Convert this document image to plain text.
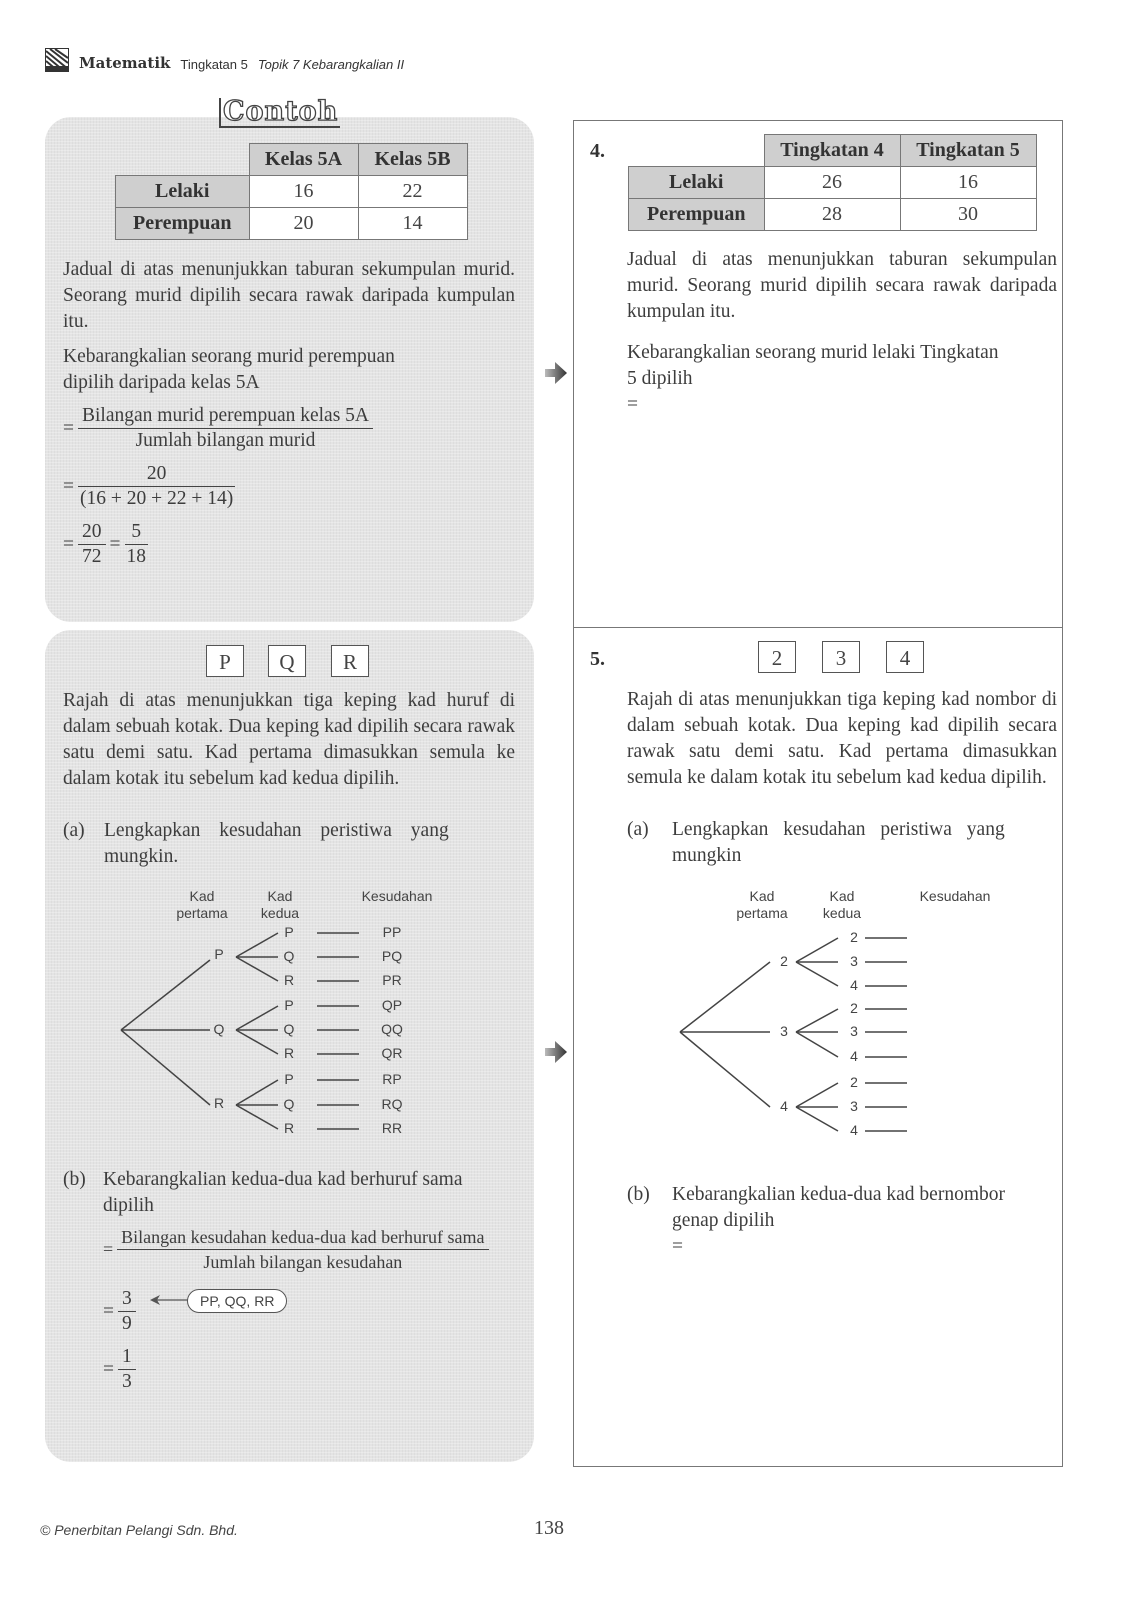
Matematik Tingkatan 5 Topik 7 Kebarangkalian II
Contoh
	Kelas 5A	Kelas 5B
Lelaki	16	22
Perempuan	20	14
Jadual di atas menunjukkan taburan sekumpulan murid. Seorang murid dipilih secara rawak daripada kumpulan itu.
Kebarangkalian seorang murid perempuan
dipilih daripada kelas 5A
= $\frac{\text{Bilangan murid perempuan kelas 5A}}{\text{Jumlah bilangan murid}}$
= $\frac{20}{(16 + 20 + 22 + 14)}$
= $\frac{20}{72} = \frac{5}{18}$
P	Q	R
Rajah di atas menunjukkan tiga keping kad huruf di dalam sebuah kotak. Dua keping kad dipilih secara rawak satu demi satu. Kad pertama dimasukkan semula ke dalam kotak itu sebelum kad kedua dipilih.
(a) Lengkapkan kesudahan peristiwa yang mungkin.
Kad
pertama
Kad
kedua
Kesudahan
P
Q
R
P
Q
R
P
Q
R
P
Q
R
PP
PQ
PR
QP
QQ
QR
RP
RQ
RR
(b) Kebarangkalian kedua-dua kad berhuruf sama
dipilih
= $\frac{\text{Bilangan kesudahan kedua-dua kad berhuruf sama}}{\text{Jumlah bilangan kesudahan}}$
= $\frac{3}{9}$	PP, QQ, RR
= $\frac{1}{3}$
4.
		Tingkatan 4	Tingkatan 5
Lelaki	26	16
Perempuan	28	30
Jadual di atas menunjukkan taburan sekumpulan murid. Seorang murid dipilih secara rawak daripada kumpulan itu.
Kebarangkalian seorang murid lelaki Tingkatan
5 dipilih
=
5.	2	3	4
Rajah di atas menunjukkan tiga keping kad nombor di dalam sebuah kotak. Dua keping kad dipilih secara rawak satu demi satu. Kad pertama dimasukkan semula ke dalam kotak itu sebelum kad kedua dipilih.
(a) Lengkapkan kesudahan peristiwa yang mungkin
Kad
pertama
Kad
kedua
Kesudahan
2
3
4
2
3
4
2
3
4
2
3
4
(b) Kebarangkalian kedua-dua kad bernombor
genap dipilih
=
© Penerbitan Pelangi Sdn. Bhd.	138
